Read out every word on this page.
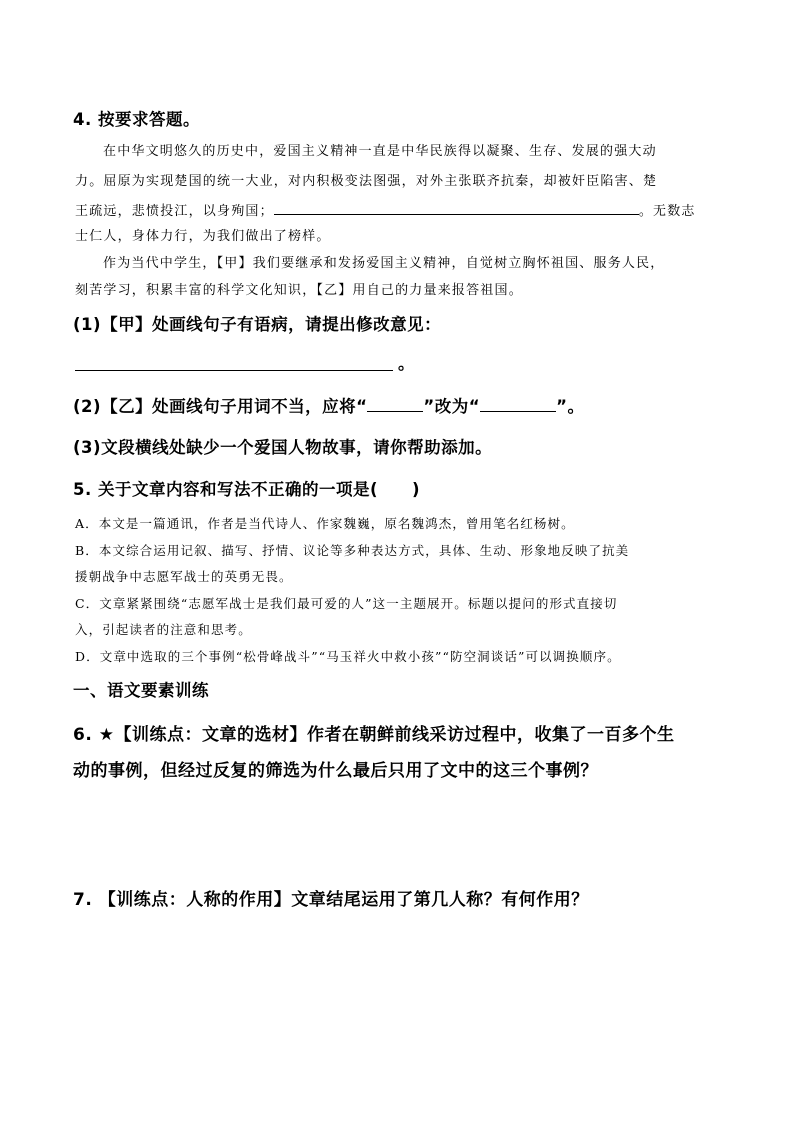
4. 按要求答题。
在中华文明悠久的历史中，爱国主义精神一直是中华民族得以凝聚、生存、发展的强大动
力。屈原为实现楚国的统一大业，对内积极变法图强，对外主张联齐抗秦，却被奸臣陷害、楚
王疏远，悲愤投江，以身殉国；	。无数志
士仁人，身体力行，为我们做出了榜样。
作为当代中学生，【甲】我们要继承和发扬爱国主义精神，自觉树立胸怀祖国、服务人民，
刻苦学习，积累丰富的科学文化知识，【乙】用自己的力量来报答祖国。
(1)【甲】处画线句子有语病，请提出修改意见：
。
(2)【乙】处画线句子用词不当，应将“	”改为“	”。
(3)文段横线处缺少一个爱国人物故事，请你帮助添加。
5. 关于文章内容和写法不正确的一项是(　　)
A．本文是一篇通讯，作者是当代诗人、作家魏巍，原名魏鸿杰，曾用笔名红杨树。
B．本文综合运用记叙、描写、抒情、议论等多种表达方式，具体、生动、形象地反映了抗美
援朝战争中志愿军战士的英勇无畏。
C．文章紧紧围绕“志愿军战士是我们最可爱的人”这一主题展开。标题以提问的形式直接切
入，引起读者的注意和思考。
D．文章中选取的三个事例“松骨峰战斗”“马玉祥火中救小孩”“防空洞谈话”可以调换顺序。
一、语文要素训练
6. ★【训练点：文章的选材】作者在朝鲜前线采访过程中，收集了一百多个生
动的事例，但经过反复的筛选为什么最后只用了文中的这三个事例？
7. 【训练点：人称的作用】文章结尾运用了第几人称？有何作用？
